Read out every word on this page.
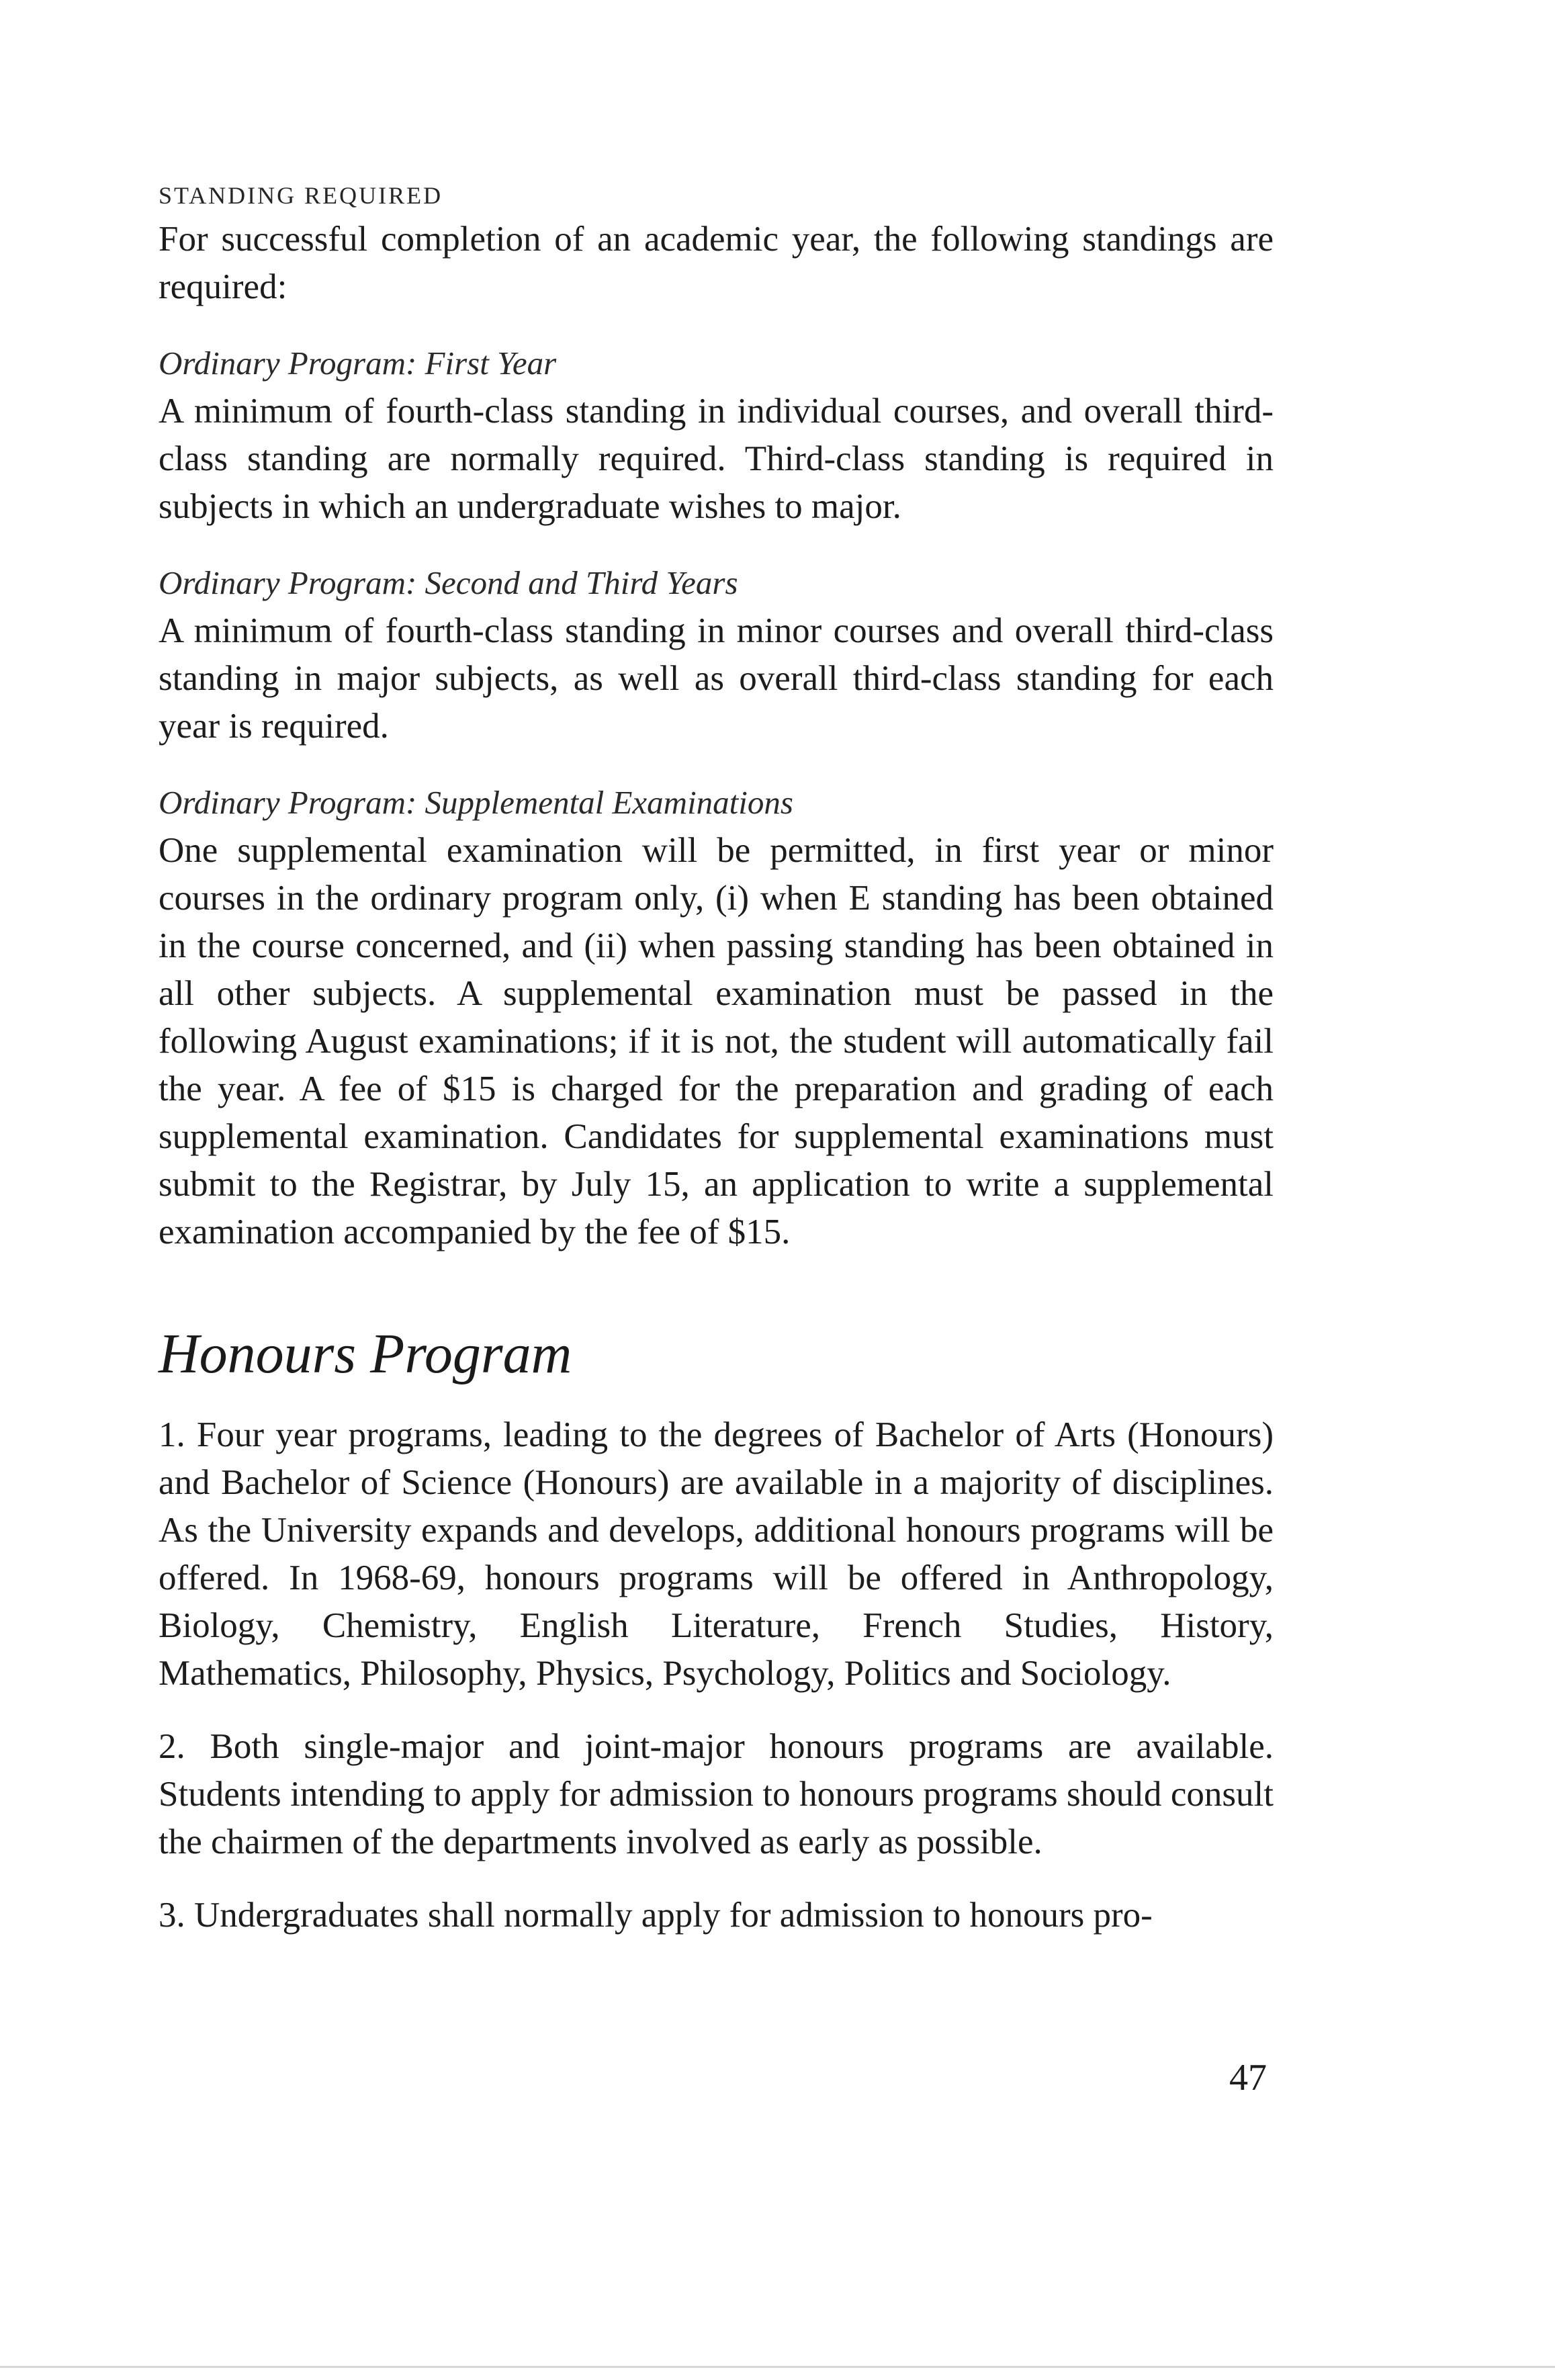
STANDING REQUIRED

For successful completion of an academic year, the following standings are required:

Ordinary Program: First Year

A minimum of fourth-class standing in individual courses, and overall third-class standing are normally required. Third-class standing is required in subjects in which an undergraduate wishes to major.

Ordinary Program: Second and Third Years

A minimum of fourth-class standing in minor courses and overall third-class standing in major subjects, as well as overall third-class standing for each year is required.

Ordinary Program: Supplemental Examinations

One supplemental examination will be permitted, in first year or minor courses in the ordinary program only, (i) when E standing has been obtained in the course concerned, and (ii) when passing standing has been obtained in all other subjects. A supplemental examination must be passed in the following August examinations; if it is not, the student will automatically fail the year. A fee of $15 is charged for the preparation and grading of each supplemental examination. Candidates for supplemental examinations must submit to the Registrar, by July 15, an application to write a supplemental examination accompanied by the fee of $15.

Honours Program

1. Four year programs, leading to the degrees of Bachelor of Arts (Honours) and Bachelor of Science (Honours) are available in a majority of disciplines. As the University expands and develops, additional honours programs will be offered. In 1968-69, honours programs will be offered in Anthropology, Biology, Chemistry, English Literature, French Studies, History, Mathematics, Philosophy, Physics, Psychology, Politics and Sociology.

2. Both single-major and joint-major honours programs are available. Students intending to apply for admission to honours programs should consult the chairmen of the departments involved as early as possible.

3. Undergraduates shall normally apply for admission to honours pro-

47
